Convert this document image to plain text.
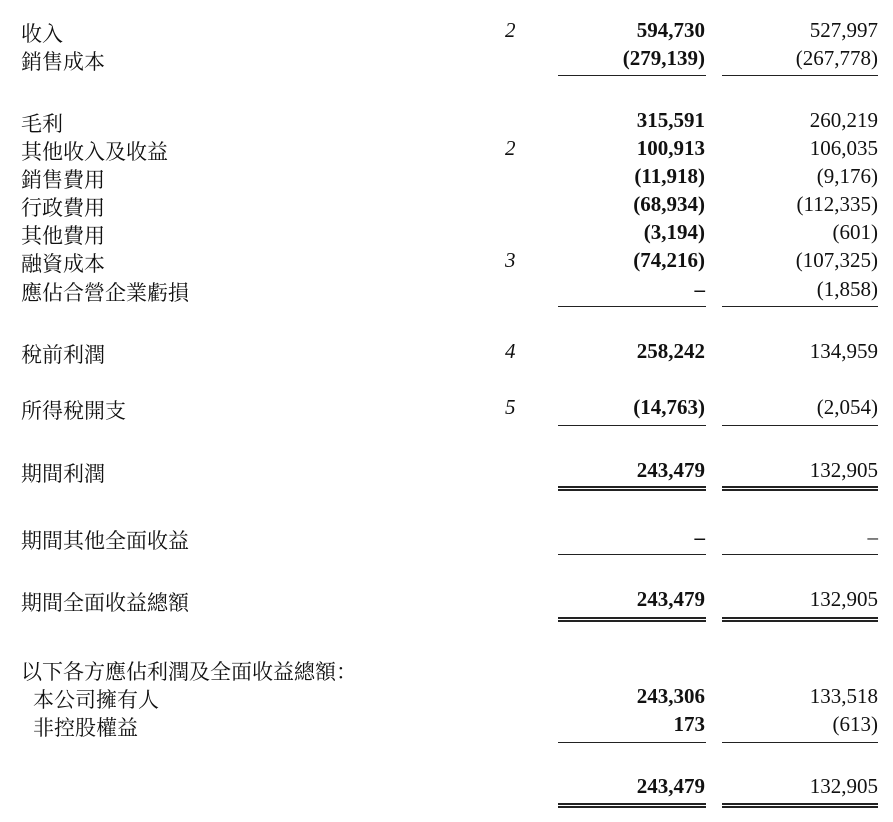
收入	2	594,730	527,997
銷售成本	(279,139)	(267,778)
毛利	315,591	260,219
其他收入及收益	2	100,913	106,035
銷售費用	(11,918)	(9,176)
行政費用	(68,934)	(112,335)
其他費用	(3,194)	(601)
融資成本	3	(74,216)	(107,325)
應佔合營企業虧損	–	(1,858)
稅前利潤	4	258,242	134,959
所得稅開支	5	(14,763)	(2,054)
期間利潤	243,479	132,905
期間其他全面收益	–	–
期間全面收益總額	243,479	132,905
以下各方應佔利潤及全面收益總額：
本公司擁有人	243,306	133,518
非控股權益	173	(613)
243,479	132,905
